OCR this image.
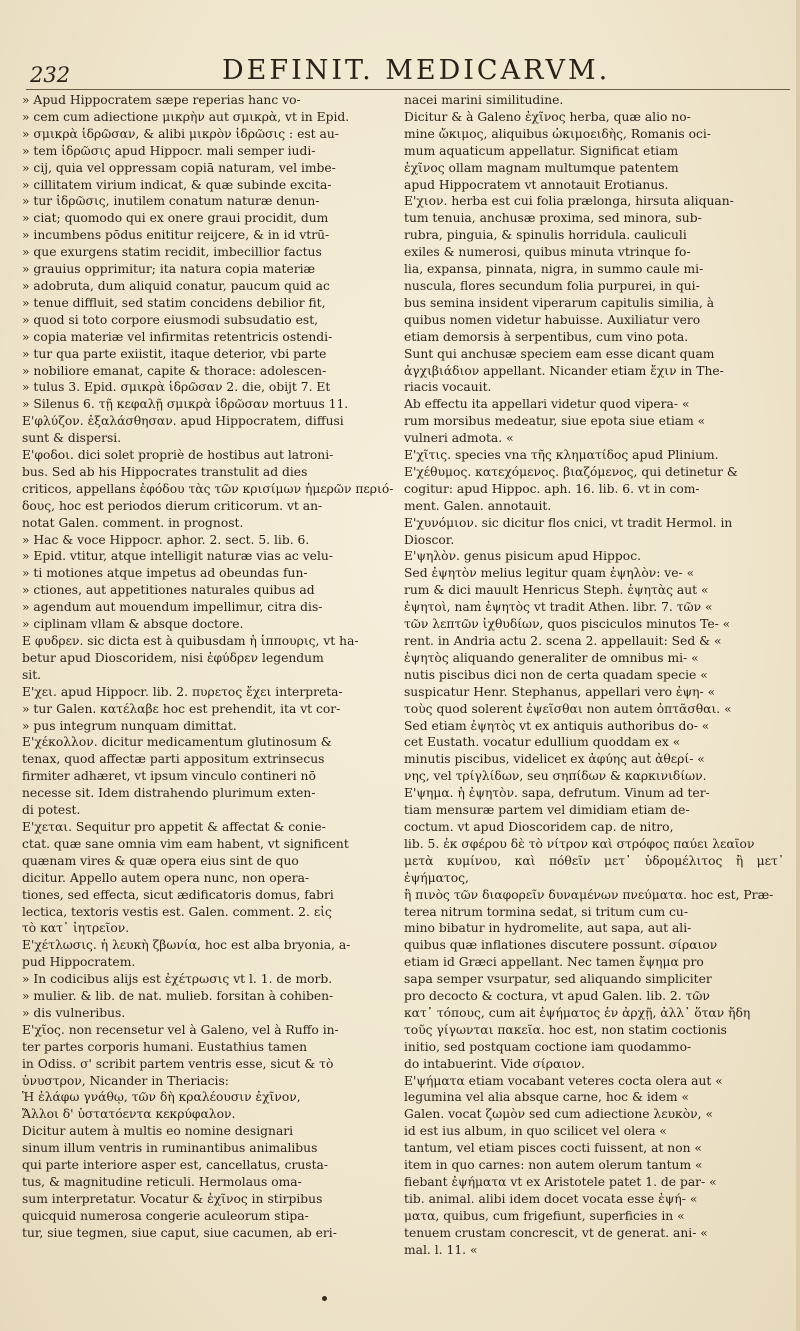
232	DEFINIT. MEDICARVM.

» Apud Hippocratem sæpe reperias hanc vo-

» cem cum adiectione μικρὴν aut σμικρὰ, vt in Epid.

» σμικρὰ ἱδρῶσαν, & alibi μικρὸν ἱδρῶσις : est au-

» tem ἱδρῶσις apud Hippocr. mali semper iudi-

» cij, quia vel oppressam copiā naturam, vel imbe-

» cillitatem virium indicat, & quæ subinde excita-

» tur ἱδρῶσις, inutilem conatum naturæ denun-

» ciat; quomodo qui ex onere graui procidit, dum

» incumbens pōdus enititur reijcere, & in id vtrū-

» que exurgens statim recidit, imbecillior factus

» grauius opprimitur; ita natura copia materiæ

» adobruta, dum aliquid conatur, paucum quid ac

» tenue diffluit, sed statim concidens debilior fit,

» quod si toto corpore eiusmodi subsudatio est,

» copia materiæ vel infirmitas retentricis ostendi-

» tur qua parte exiistit, itaque deterior, vbi parte

» nobiliore emanat, capite & thorace: adolescen-

» tulus 3. Epid. σμικρὰ ἱδρῶσαν 2. die, obijt 7. Et

» Silenus 6. τῇ κεφαλῇ σμικρὰ ἱδρῶσαν mortuus 11.

E'φλύζον. ἐξαλάσθησαν. apud Hippocratem, diffusi

sunt & dispersi.

E'φοδοι. dici solet propriè de hostibus aut latroni-

bus. Sed ab his Hippocrates transtulit ad dies

criticos, appellans ἐφόδου τὰς τῶν κρισίμων ἡμερῶν περιό-

δους, hoc est periodos dierum criticorum. vt an-

notat Galen. comment. in prognost.

» Hac & voce Hippocr. aphor. 2. sect. 5. lib. 6.

» Epid. vtitur, atque intelligit naturæ vias ac velu-

» ti motiones atque impetus ad obeundas fun-

» ctiones, aut appetitiones naturales quibus ad

» agendum aut mouendum impellimur, citra dis-

» ciplinam vllam & absque doctore.

E φυδρεν. sic dicta est à quibusdam ἡ ἱππουρις, vt ha-

betur apud Dioscoridem, nisi ἐφύδρεν legendum

sit.

E'χει. apud Hippocr. lib. 2. πυρετος ἔχει interpreta-

» tur Galen. κατέλαβε hoc est prehendit, ita vt cor-

» pus integrum nunquam dimittat.

E'χέκολλον. dicitur medicamentum glutinosum &

tenax, quod affectæ parti appositum extrinsecus

firmiter adhæret, vt ipsum vinculo contineri nō

necesse sit. Idem distrahendo plurimum exten-

di potest.

E'χεται. Sequitur pro appetit & affectat & conie-

ctat. quæ sane omnia vim eam habent, vt significent

quænam vires & quæ opera eius sint de quo

dicitur. Appello autem opera nunc, non opera-

tiones, sed effecta, sicut ædificatoris domus, fabri

lectica, textoris vestis est. Galen. comment. 2. εἰς

τὸ κατ᾽ ἰητρεῖον.

E'χέτλωσις. ἡ λευκὴ ζβωνία, hoc est alba bryonia, a-

pud Hippocratem.

» In codicibus alijs est ἐχέτρωσις vt l. 1. de morb.

» mulier. & lib. de nat. mulieb. forsitan à cohiben-

» dis vulneribus.

E'χῖος. non recensetur vel à Galeno, vel à Ruffo in-

ter partes corporis humani. Eustathius tamen

in Odiss. σ' scribit partem ventris esse, sicut & τὸ

ὑνυστρον, Nicander in Theriacis:

Ἡ ἐλάφω γνάθῳ, τῶν δὴ κραλέουσιν ἐχῖνον,

Ἄλλοι δ' ὑστατόεντα κεκρύφαλον.

Dicitur autem à multis eo nomine designari

sinum illum ventris in ruminantibus animalibus

qui parte interiore asper est, cancellatus, crusta-

tus, & magnitudine reticuli. Hermolaus oma-

sum interpretatur. Vocatur & ἐχῖνος in stirpibus

quicquid numerosa congerie aculeorum stipa-

tur, siue tegmen, siue caput, siue cacumen, ab eri-

nacei marini similitudine.

Dicitur & à Galeno ἐχῖνος herba, quæ alio no-

mine ὤκιμος, aliquibus ὠκιμοειδὴς, Romanis oci-

mum aquaticum appellatur. Significat etiam

ἐχῖνος ollam magnam multumque patentem

apud Hippocratem vt annotauit Erotianus.

E'χιον. herba est cui folia prælonga, hirsuta aliquan-

tum tenuia, anchusæ proxima, sed minora, sub-

rubra, pinguia, & spinulis horridula. cauliculi

exiles & numerosi, quibus minuta vtrinque fo-

lia, expansa, pinnata, nigra, in summo caule mi-

nuscula, flores secundum folia purpurei, in qui-

bus semina insident viperarum capitulis similia, à

quibus nomen videtur habuisse. Auxiliatur vero

etiam demorsis à serpentibus, cum vino pota.

Sunt qui anchusæ speciem eam esse dicant quam

ἀγχιβιάδιον appellant. Nicander etiam ἔχιν in The-

riacis vocauit.

Ab effectu ita appellari videtur quod vipera- «

rum morsibus medeatur, siue epota siue etiam «

vulneri admota. «

E'χῖτις. species vna τῆς κληματίδος apud Plinium.

E'χέθυμος. κατεχόμενος. βιαζόμενος, qui detinetur &

cogitur: apud Hippoc. aph. 16. lib. 6. vt in com-

ment. Galen. annotauit.

E'χυνόμιον. sic dicitur flos cnici, vt tradit Hermol. in

Dioscor.

E'ψηλὸν. genus pisicum apud Hippoc.

Sed ἐψητὸν melius legitur quam ἐψηλὸν: ve- «

rum & dici mauult Henricus Steph. ἐψητὰς aut «

ἐψητοὶ, nam ἐψητὸς vt tradit Athen. libr. 7. τῶν «

τῶν λεπτῶν ἰχθυδίων, quos pisciculos minutos Te- «

rent. in Andria actu 2. scena 2. appellauit: Sed & «

ἐψητὸς aliquando generaliter de omnibus mi- «

nutis piscibus dici non de certa quadam specie «

suspicatur Henr. Stephanus, appellari vero ἐψη- «

τοὺς quod solerent ἐψεῖσθαι non autem ὀπτᾶσθαι. «

Sed etiam ἐψητὸς vt ex antiquis authoribus do- «

cet Eustath. vocatur edullium quoddam ex «

minutis piscibus, videlicet ex ἀφύης aut ἀθερί- «

νης, vel τρίγλίδων, seu σηπίδων & καρκινιδίων.

E'ψημα. ἡ ἐψητὸν. sapa, defrutum. Vinum ad ter-

tiam mensuræ partem vel dimidiam etiam de-

coctum. vt apud Dioscoridem cap. de nitro,

lib. 5. ἐκ σφέρου δὲ τὸ νίτρον καὶ στρόφος παύει λεαῖον

μετὰ κυμίνου, καὶ πόθεῖν μετ᾽ ὑδρομέλιτος ἢ μετ᾽ ἐψήματος,

ἢ πινὸς τῶν διαφορεῖν δυναμένων πνεύματα. hoc est, Præ-

terea nitrum tormina sedat, si tritum cum cu-

mino bibatur in hydromelite, aut sapa, aut ali-

quibus quæ inflationes discutere possunt. σίραιον

etiam id Græci appellant. Nec tamen ἔψημα pro

sapa semper vsurpatur, sed aliquando simpliciter

pro decocto & coctura, vt apud Galen. lib. 2. τῶν

κατ᾽ τόπους, cum ait ἐψήματος ἐν ἀρχῇ, ἀλλ᾽ ὅταν ἤδη

τοῦς γίγωνται πακεῖα. hoc est, non statim coctionis

initio, sed postquam coctione iam quodammo-

do intabuerint. Vide σίραιον.

E'ψήματα etiam vocabant veteres cocta olera aut «

legumina vel alia absque carne, hoc & idem «

Galen. vocat ζωμὸν sed cum adiectione λευκὸν, «

id est ius album, in quo scilicet vel olera «

tantum, vel etiam pisces cocti fuissent, at non «

item in quo carnes: non autem olerum tantum «

fiebant ἐψήματα vt ex Aristotele patet 1. de par- «

tib. animal. alibi idem docet vocata esse ἐψή- «

ματα, quibus, cum frigefiunt, superficies in «

tenuem crustam concrescit, vt de generat. ani- «

mal. l. 11. «
